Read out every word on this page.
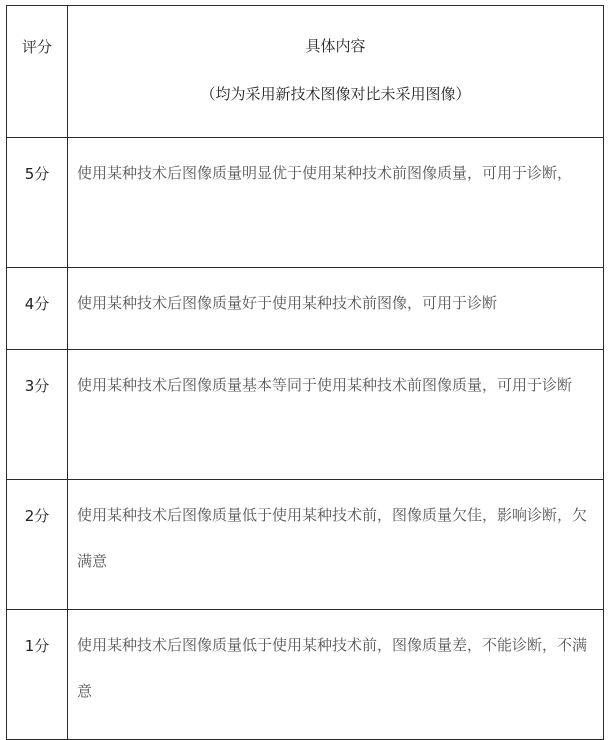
评分	具体内容
（均为采用新技术图像对比未采用图像）

5分	使用某种技术后图像质量明显优于使用某种技术前图像质量，可用于诊断，

4分	使用某种技术后图像质量好于使用某种技术前图像，可用于诊断

3分	使用某种技术后图像质量基本等同于使用某种技术前图像质量，可用于诊断

2分	使用某种技术后图像质量低于使用某种技术前，图像质量欠佳，影响诊断，欠满意

1分	使用某种技术后图像质量低于使用某种技术前，图像质量差，不能诊断，不满意
